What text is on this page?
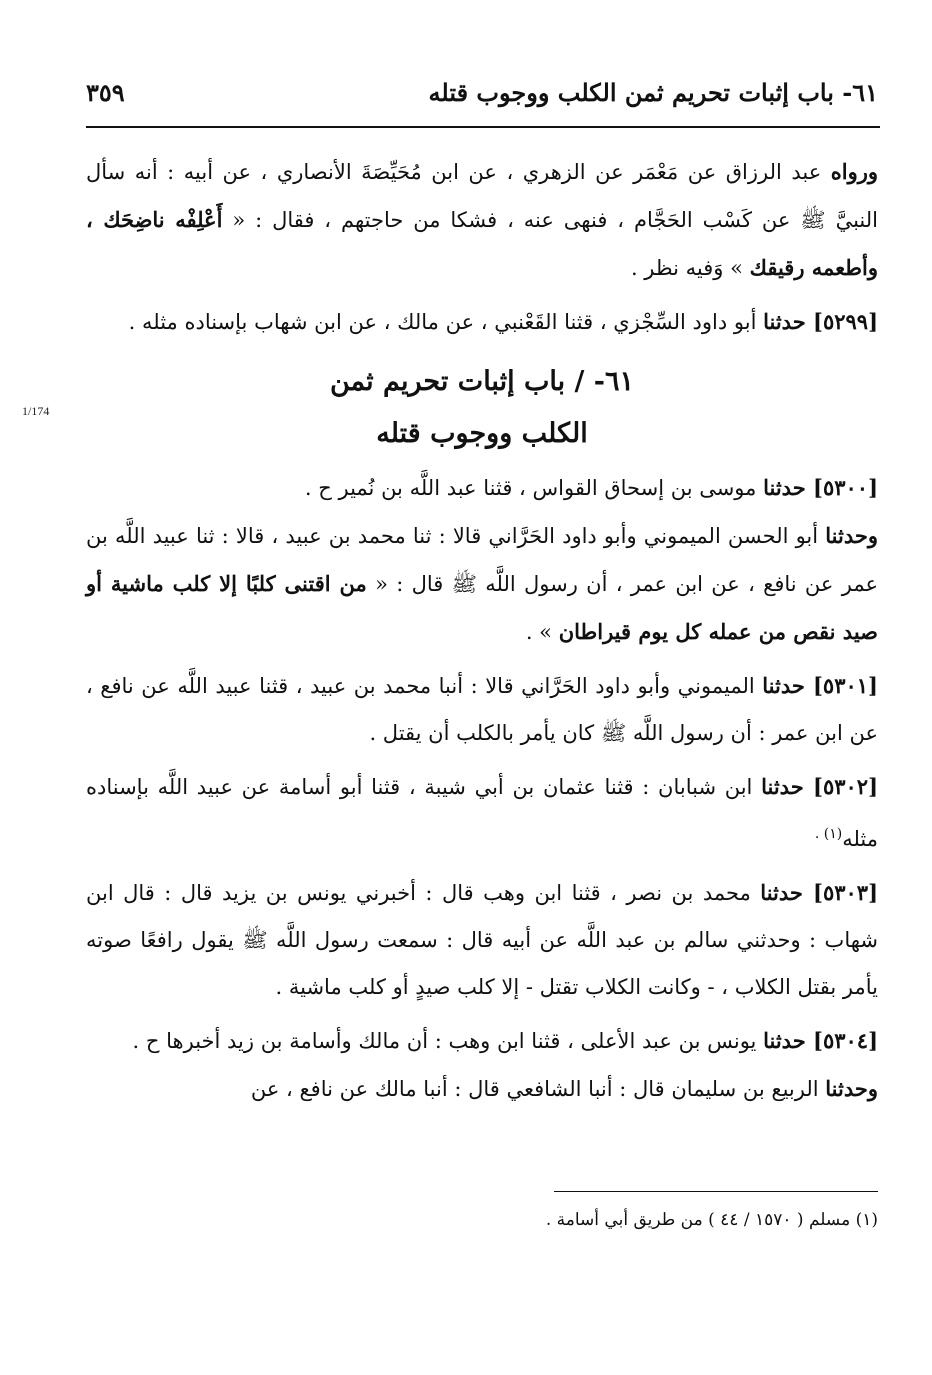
٦١- باب إثبات تحريم ثمن الكلب ووجوب قتله
٣٥٩
1/174

ورواه عبد الرزاق عن مَعْمَر عن الزهري ، عن ابن مُحَيِّصَةَ الأنصاري ، عن أبيه : أنه سأل النبيَّ ﷺ عن كَسْب الحَجَّام ، فنهى عنه ، فشكا من حاجتهم ، فقال : « أَعْلِفْه ناضِحَك ، وأطعمه رقيقك » وَفيه نظر .

[٥٢٩٩] حدثنا أبو داود السِّجْزي ، قثنا القَعْنبي ، عن مالك ، عن ابن شهاب بإسناده مثله .

٦١- / باب إثبات تحريم ثمن
الكلب ووجوب قتله

[٥٣٠٠] حدثنا موسى بن إسحاق القواس ، قثنا عبد اللَّه بن نُمير ح .

وحدثنا أبو الحسن الميموني وأبو داود الحَرَّاني قالا : ثنا محمد بن عبيد ، قالا : ثنا عبيد اللَّه بن عمر عن نافع ، عن ابن عمر ، أن رسول اللَّه ﷺ قال : « من اقتنى كلبًا إلا كلب ماشية أو صيد نقص من عمله كل يوم قيراطان » .

[٥٣٠١] حدثنا الميموني وأبو داود الحَرَّاني قالا : أنبا محمد بن عبيد ، قثنا عبيد اللَّه عن نافع ، عن ابن عمر : أن رسول اللَّه ﷺ كان يأمر بالكلب أن يقتل .

[٥٣٠٢] حدثنا ابن شبابان : قثنا عثمان بن أبي شيبة ، قثنا أبو أسامة عن عبيد اللَّه بإسناده مثله$^{(١) .}$

[٥٣٠٣] حدثنا محمد بن نصر ، قثنا ابن وهب قال : أخبرني يونس بن يزيد قال : قال ابن شهاب : وحدثني سالم بن عبد اللَّه عن أبيه قال : سمعت رسول اللَّه ﷺ يقول رافعًا صوته يأمر بقتل الكلاب ، - وكانت الكلاب تقتل - إلا كلب صيدٍ أو كلب ماشية .

[٥٣٠٤] حدثنا يونس بن عبد الأعلى ، قثنا ابن وهب : أن مالك وأسامة بن زيد أخبرها ح .

وحدثنا الربيع بن سليمان قال : أنبا الشافعي قال : أنبا مالك عن نافع ، عن

(١) مسلم ( ١٥٧٠ / ٤٤ ) من طريق أبي أسامة .
